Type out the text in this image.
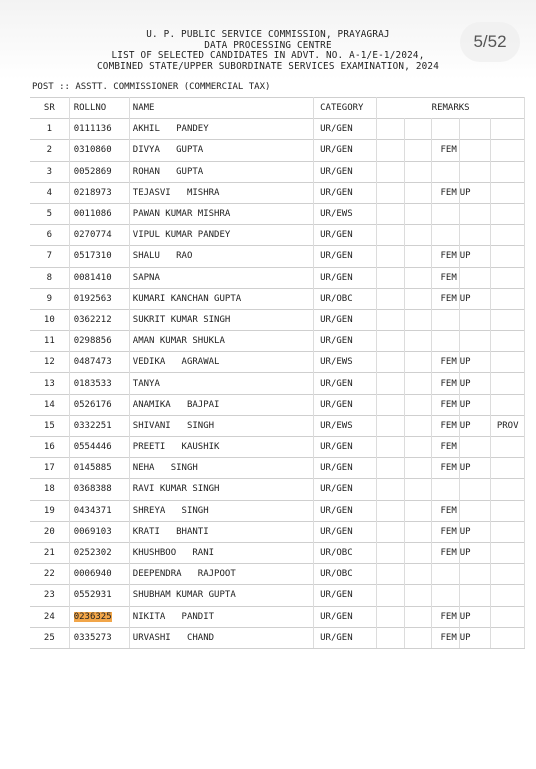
U. P. PUBLIC SERVICE COMMISSION, PRAYAGRAJ
DATA PROCESSING CENTRE
LIST OF SELECTED CANDIDATES IN ADVT. NO. A-1/E-1/2024,
COMBINED STATE/UPPER SUBORDINATE SERVICES EXAMINATION, 2024
5/52
POST :: ASSTT. COMMISSIONER (COMMERCIAL TAX)
SR	ROLLNO	NAME	CATEGORY	REMARKS				
1	0111136	AKHIL   PANDEY	UR/GEN					
2	0310860	DIVYA   GUPTA	UR/GEN			FEM		
3	0052869	ROHAN   GUPTA	UR/GEN					
4	0218973	TEJASVI   MISHRA	UR/GEN			FEM	UP	
5	0011086	PAWAN KUMAR MISHRA	UR/EWS					
6	0270774	VIPUL KUMAR PANDEY	UR/GEN					
7	0517310	SHALU   RAO	UR/GEN			FEM	UP	
8	0081410	SAPNA	UR/GEN			FEM		
9	0192563	KUMARI KANCHAN GUPTA	UR/OBC			FEM	UP	
10	0362212	SUKRIT KUMAR SINGH	UR/GEN					
11	0298856	AMAN KUMAR SHUKLA	UR/GEN					
12	0487473	VEDIKA   AGRAWAL	UR/EWS			FEM	UP	
13	0183533	TANYA	UR/GEN			FEM	UP	
14	0526176	ANAMIKA   BAJPAI	UR/GEN			FEM	UP	
15	0332251	SHIVANI   SINGH	UR/EWS			FEM	UP	PROV
16	0554446	PREETI   KAUSHIK	UR/GEN			FEM		
17	0145885	NEHA   SINGH	UR/GEN			FEM	UP	
18	0368388	RAVI KUMAR SINGH	UR/GEN					
19	0434371	SHREYA   SINGH	UR/GEN			FEM		
20	0069103	KRATI   BHANTI	UR/GEN			FEM	UP	
21	0252302	KHUSHBOO   RANI	UR/OBC			FEM	UP	
22	0006940	DEEPENDRA   RAJPOOT	UR/OBC					
23	0552931	SHUBHAM KUMAR GUPTA	UR/GEN					
24	0236325	NIKITA   PANDIT	UR/GEN			FEM	UP	
25	0335273	URVASHI   CHAND	UR/GEN			FEM	UP	
